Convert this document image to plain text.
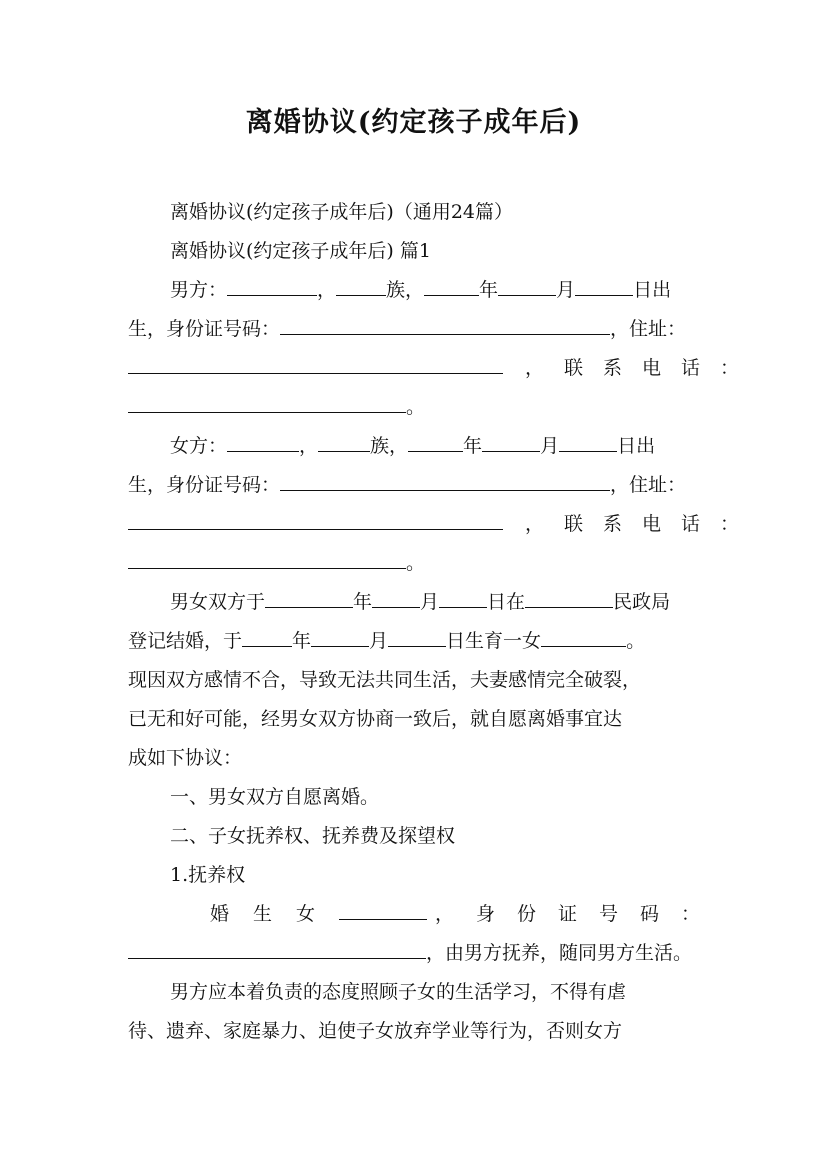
离婚协议(约定孩子成年后)
离婚协议(约定孩子成年后)（通用24篇）
离婚协议(约定孩子成年后) 篇1
男方：	，	族，	年	月	日出
生，身份证号码：	，住址：
，联系电话：
。
女方：	，	族，	年	月	日出
生，身份证号码：	，住址：
，联系电话：
。
男女双方于	年	月	日在	民政局
登记结婚，于	年	月	日生育一女	。
现因双方感情不合，导致无法共同生活，夫妻感情完全破裂，
已无和好可能，经男女双方协商一致后，就自愿离婚事宜达
成如下协议：
一、男女双方自愿离婚。
二、子女抚养权、抚养费及探望权
1.抚养权
婚生女	，身份证号码：
，由男方抚养，随同男方生活。
男方应本着负责的态度照顾子女的生活学习，不得有虐
待、遗弃、家庭暴力、迫使子女放弃学业等行为，否则女方
